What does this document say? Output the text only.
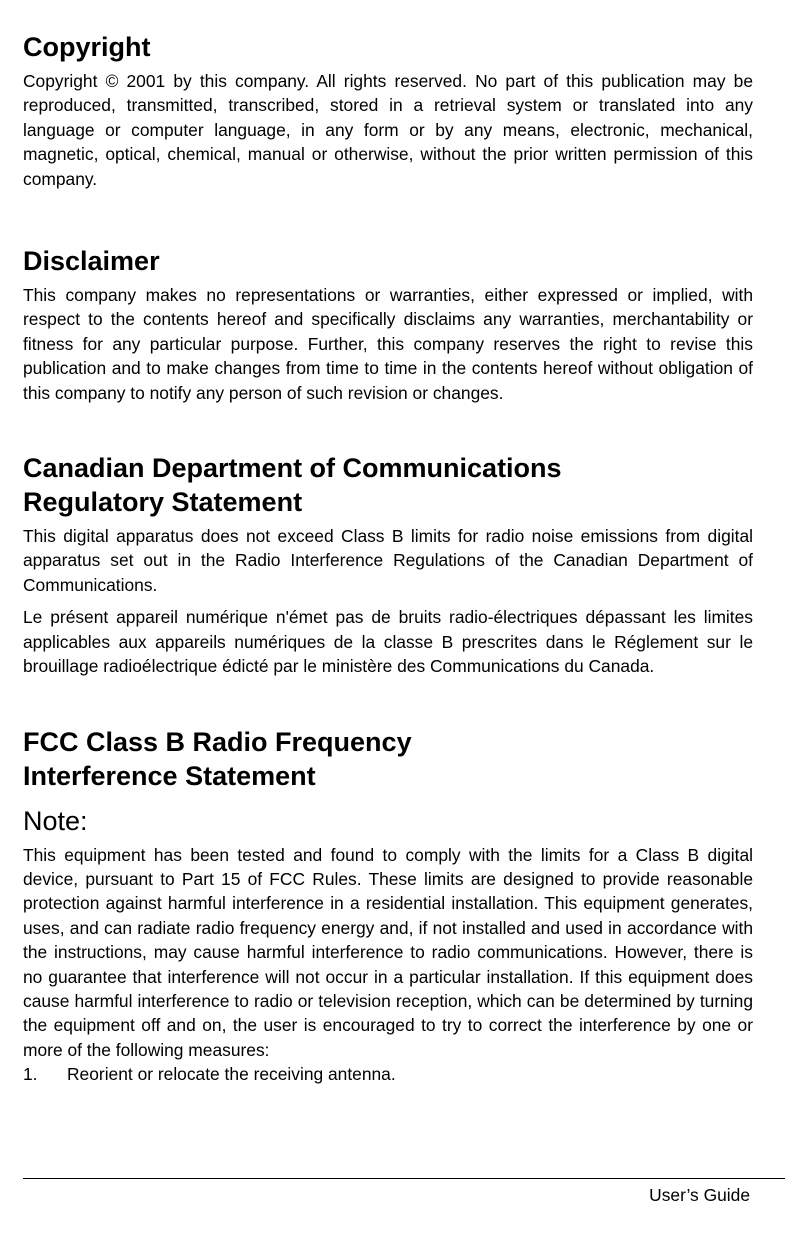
Copyright

Copyright © 2001 by this company. All rights reserved. No part of this publication may be reproduced, transmitted, transcribed, stored in a retrieval system or translated into any language or computer language, in any form or by any means, electronic, mechanical, magnetic, optical, chemical, manual or otherwise, without the prior written permission of this company.

Disclaimer

This company makes no representations or warranties, either expressed or implied, with respect to the contents hereof and specifically disclaims any warranties, merchantability or fitness for any particular purpose. Further, this company reserves the right to revise this publication and to make changes from time to time in the contents hereof without obligation of this company to notify any person of such revision or changes.

Canadian Department of Communications
Regulatory Statement

This digital apparatus does not exceed Class B limits for radio noise emissions from digital apparatus set out in the Radio Interference Regulations of the Canadian Department of Communications.

Le présent appareil numérique n'émet pas de bruits radio-électriques dépassant les limites applicables aux appareils numériques de la classe B prescrites dans le Réglement sur le brouillage radioélectrique édicté par le ministère des Communications du Canada.

FCC Class B Radio Frequency
Interference Statement
Note:

This equipment has been tested and found to comply with the limits for a Class B digital device, pursuant to Part 15 of FCC Rules. These limits are designed to provide reasonable protection against harmful interference in a residential installation. This equipment generates, uses, and can radiate radio frequency energy and, if not installed and used in accordance with the instructions, may cause harmful interference to radio communications. However, there is no guarantee that interference will not occur in a particular installation. If this equipment does cause harmful interference to radio or television reception, which can be determined by turning the equipment off and on, the user is encouraged to try to correct the interference by one or more of the following measures:

1.	Reorient or relocate the receiving antenna.
User’s Guide
